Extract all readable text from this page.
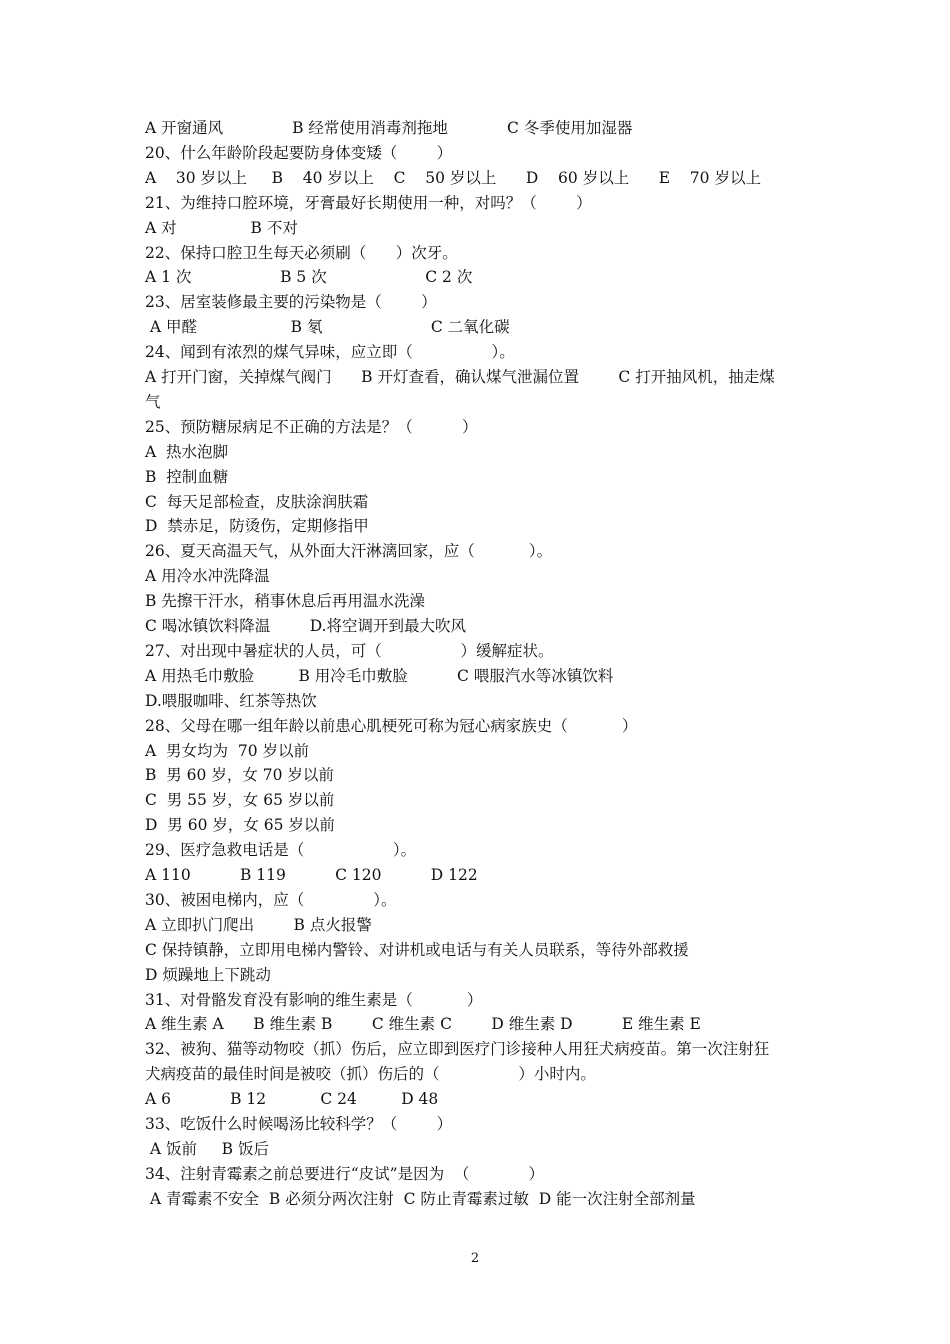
A 开窗通风              B 经常使用消毒剂拖地            C 冬季使用加湿器
20、什么年龄阶段起要防身体变矮（        ）
A    30 岁以上     B    40 岁以上    C    50 岁以上      D    60 岁以上      E    70 岁以上
21、为维持口腔环境，牙膏最好长期使用一种，对吗？（        ）
A 对               B 不对
22、保持口腔卫生每天必须刷（      ）次牙。
A 1 次                  B 5 次                    C 2 次
23、居室装修最主要的污染物是（        ）
A 甲醛                   B 氡                      C 二氧化碳
24、闻到有浓烈的煤气异味，应立即（                ）。
A 打开门窗，关掉煤气阀门      B 开灯查看，确认煤气泄漏位置        C 打开抽风机，抽走煤
气
25、预防糖尿病足不正确的方法是？（          ）
A  热水泡脚
B  控制血糖
C  每天足部检查，皮肤涂润肤霜
D  禁赤足，防烫伤，定期修指甲
26、夏天高温天气，从外面大汗淋漓回家，应（           ）。
A 用冷水冲洗降温
B 先擦干汗水，稍事休息后再用温水洗澡
C 喝冰镇饮料降温        D.将空调开到最大吹风
27、对出现中暑症状的人员，可（                ）缓解症状。
A 用热毛巾敷脸         B 用冷毛巾敷脸          C 喂服汽水等冰镇饮料
D.喂服咖啡、红茶等热饮
28、父母在哪一组年龄以前患心肌梗死可称为冠心病家族史（           ）
A  男女均为  70 岁以前
B  男 60 岁，女 70 岁以前
C  男 55 岁，女 65 岁以前
D  男 60 岁，女 65 岁以前
29、医疗急救电话是（                  ）。
A 110          B 119          C 120          D 122
30、被困电梯内，应（              ）。
A 立即扒门爬出        B 点火报警
C 保持镇静，立即用电梯内警铃、对讲机或电话与有关人员联系，等待外部救援
D 烦躁地上下跳动
31、对骨骼发育没有影响的维生素是（           ）
A 维生素 A      B 维生素 B        C 维生素 C        D 维生素 D          E 维生素 E
32、被狗、猫等动物咬（抓）伤后，应立即到医疗门诊接种人用狂犬病疫苗。第一次注射狂
犬病疫苗的最佳时间是被咬（抓）伤后的（                ）小时内。
A 6            B 12           C 24         D 48
33、吃饭什么时候喝汤比较科学？（        ）
A 饭前     B 饭后
34、注射青霉素之前总要进行“皮试”是因为  （            ）
A 青霉素不安全  B 必须分两次注射  C 防止青霉素过敏  D 能一次注射全部剂量
2
